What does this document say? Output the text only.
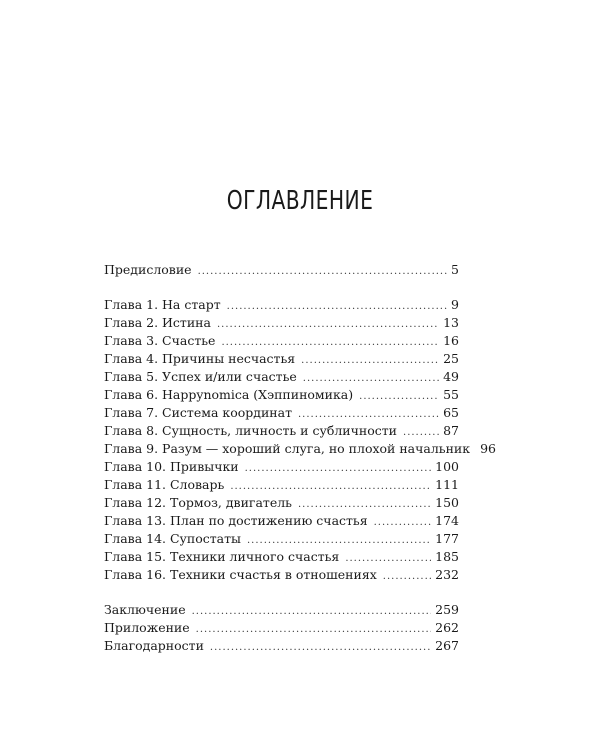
ОГЛАВЛЕНИЕ
Предисловие .....	5
Глава 1. На старт .....	9
Глава 2. Истина .....	13
Глава 3. Счастье .....	16
Глава 4. Причины несчастья .....	25
Глава 5. Успех и/или счастье .....	49
Глава 6. Happynomica (Хэппиномика) .....	55
Глава 7. Система координат .....	65
Глава 8. Сущность, личность и субличности .....	87
Глава 9. Разум — хороший слуга, но плохой начальник 96
Глава 10. Привычки .....	100
Глава 11. Словарь .....	111
Глава 12. Тормоз, двигатель .....	150
Глава 13. План по достижению счастья .....	174
Глава 14. Супостаты .....	177
Глава 15. Техники личного счастья .....	185
Глава 16. Техники счастья в отношениях .....	232
Заключение .....	259
Приложение .....	262
Благодарности .....	267
